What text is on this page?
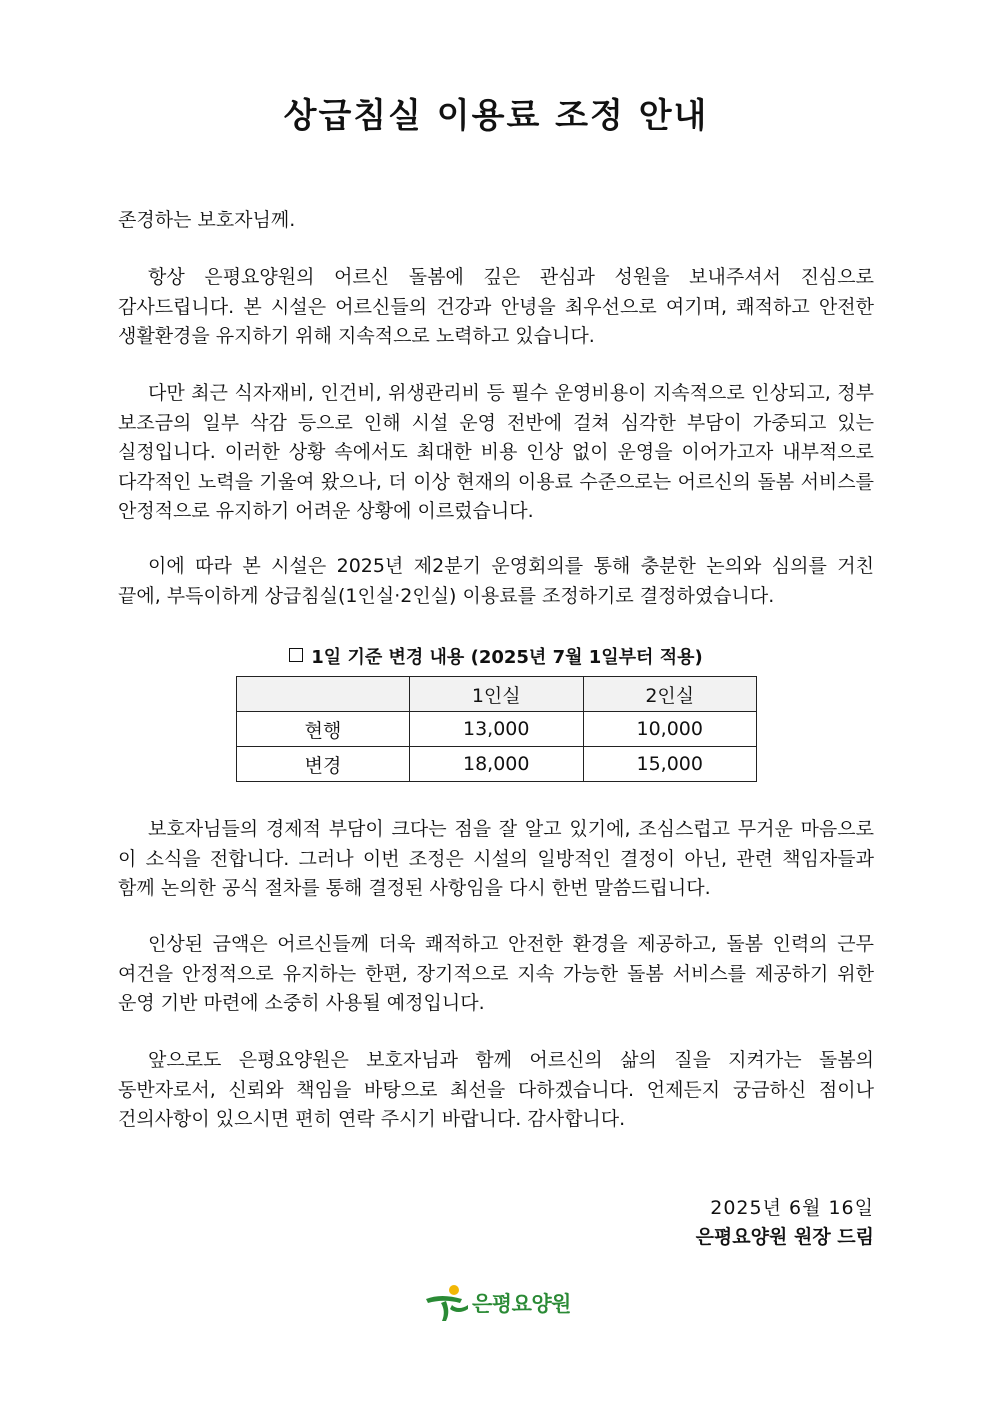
상급침실 이용료 조정 안내

존경하는 보호자님께.

항상 은평요양원의 어르신 돌봄에 깊은 관심과 성원을 보내주셔서 진심으로 감사드립니다. 본 시설은 어르신들의 건강과 안녕을 최우선으로 여기며, 쾌적하고 안전한 생활환경을 유지하기 위해 지속적으로 노력하고 있습니다.

다만 최근 식자재비, 인건비, 위생관리비 등 필수 운영비용이 지속적으로 인상되고, 정부 보조금의 일부 삭감 등으로 인해 시설 운영 전반에 걸쳐 심각한 부담이 가중되고 있는 실정입니다. 이러한 상황 속에서도 최대한 비용 인상 없이 운영을 이어가고자 내부적으로 다각적인 노력을 기울여 왔으나, 더 이상 현재의 이용료 수준으로는 어르신의 돌봄 서비스를 안정적으로 유지하기 어려운 상황에 이르렀습니다.

이에 따라 본 시설은 2025년 제2분기 운영회의를 통해 충분한 논의와 심의를 거친 끝에, 부득이하게 상급침실(1인실·2인실) 이용료를 조정하기로 결정하였습니다.

1일 기준 변경 내용 (2025년 7월 1일부터 적용)

	1인실	2인실
현행	13,000	10,000
변경	18,000	15,000

보호자님들의 경제적 부담이 크다는 점을 잘 알고 있기에, 조심스럽고 무거운 마음으로 이 소식을 전합니다. 그러나 이번 조정은 시설의 일방적인 결정이 아닌, 관련 책임자들과 함께 논의한 공식 절차를 통해 결정된 사항임을 다시 한번 말씀드립니다.

인상된 금액은 어르신들께 더욱 쾌적하고 안전한 환경을 제공하고, 돌봄 인력의 근무 여건을 안정적으로 유지하는 한편, 장기적으로 지속 가능한 돌봄 서비스를 제공하기 위한 운영 기반 마련에 소중히 사용될 예정입니다.

앞으로도 은평요양원은 보호자님과 함께 어르신의 삶의 질을 지켜가는 돌봄의 동반자로서, 신뢰와 책임을 바탕으로 최선을 다하겠습니다. 언제든지 궁금하신 점이나 건의사항이 있으시면 편히 연락 주시기 바랍니다. 감사합니다.

2025년 6월 16일

은평요양원 원장 드림

은평요양원
